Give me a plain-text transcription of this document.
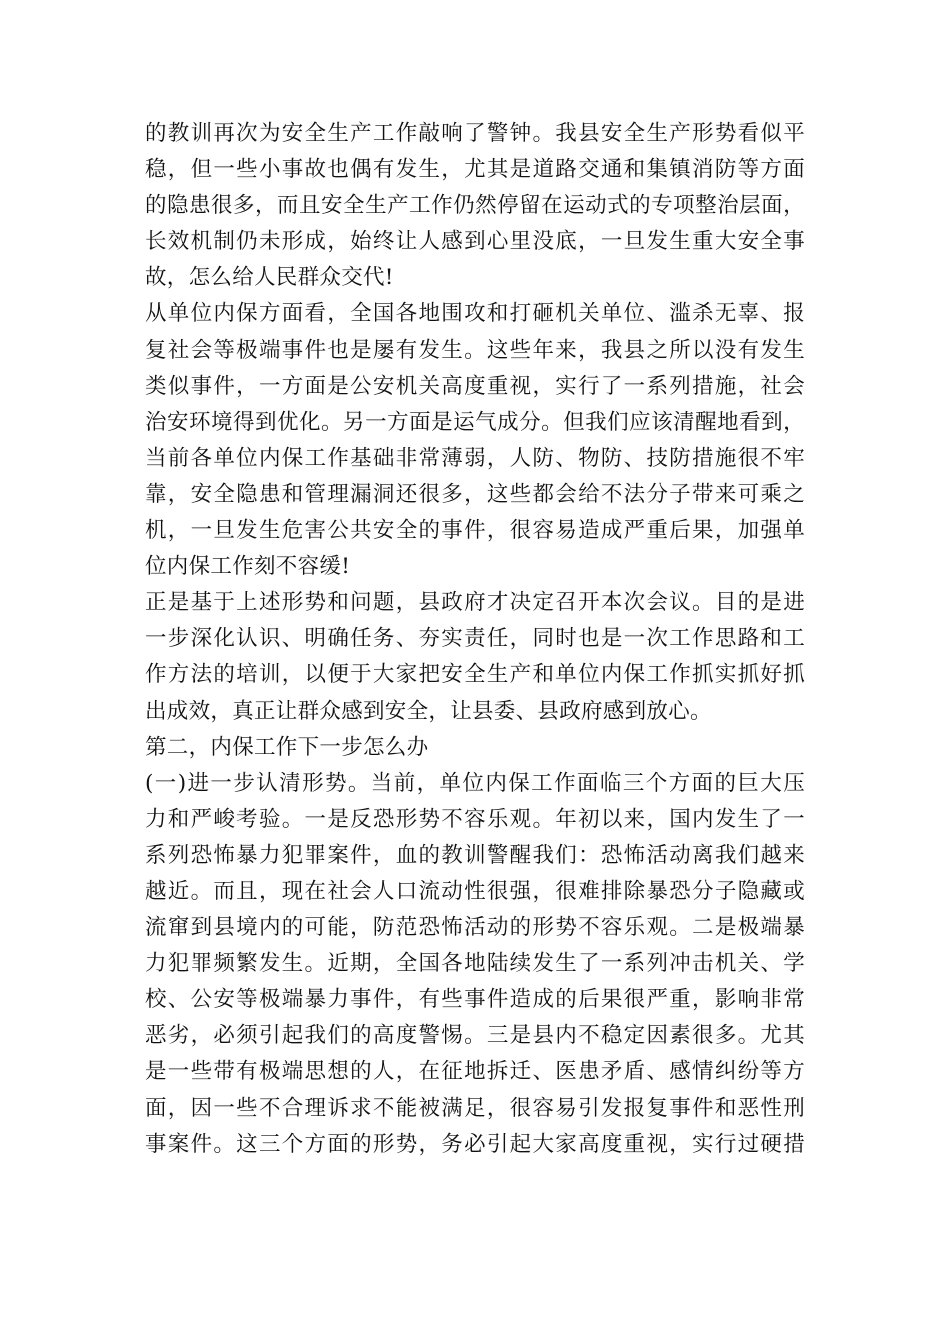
的教训再次为安全生产工作敲响了警钟。我县安全生产形势看似平
稳，但一些小事故也偶有发生，尤其是道路交通和集镇消防等方面
的隐患很多，而且安全生产工作仍然停留在运动式的专项整治层面，
长效机制仍未形成，始终让人感到心里没底，一旦发生重大安全事
故，怎么给人民群众交代!
从单位内保方面看，全国各地围攻和打砸机关单位、滥杀无辜、报
复社会等极端事件也是屡有发生。这些年来，我县之所以没有发生
类似事件，一方面是公安机关高度重视，实行了一系列措施，社会
治安环境得到优化。另一方面是运气成分。但我们应该清醒地看到，
当前各单位内保工作基础非常薄弱，人防、物防、技防措施很不牢
靠，安全隐患和管理漏洞还很多，这些都会给不法分子带来可乘之
机，一旦发生危害公共安全的事件，很容易造成严重后果，加强单
位内保工作刻不容缓!
正是基于上述形势和问题，县政府才决定召开本次会议。目的是进
一步深化认识、明确任务、夯实责任，同时也是一次工作思路和工
作方法的培训，以便于大家把安全生产和单位内保工作抓实抓好抓
出成效，真正让群众感到安全，让县委、县政府感到放心。
第二，内保工作下一步怎么办
(一)进一步认清形势。当前，单位内保工作面临三个方面的巨大压
力和严峻考验。一是反恐形势不容乐观。年初以来，国内发生了一
系列恐怖暴力犯罪案件，血的教训警醒我们：恐怖活动离我们越来
越近。而且，现在社会人口流动性很强，很难排除暴恐分子隐藏或
流窜到县境内的可能，防范恐怖活动的形势不容乐观。二是极端暴
力犯罪频繁发生。近期，全国各地陆续发生了一系列冲击机关、学
校、公安等极端暴力事件，有些事件造成的后果很严重，影响非常
恶劣，必须引起我们的高度警惕。三是县内不稳定因素很多。尤其
是一些带有极端思想的人，在征地拆迁、医患矛盾、感情纠纷等方
面，因一些不合理诉求不能被满足，很容易引发报复事件和恶性刑
事案件。这三个方面的形势，务必引起大家高度重视，实行过硬措
